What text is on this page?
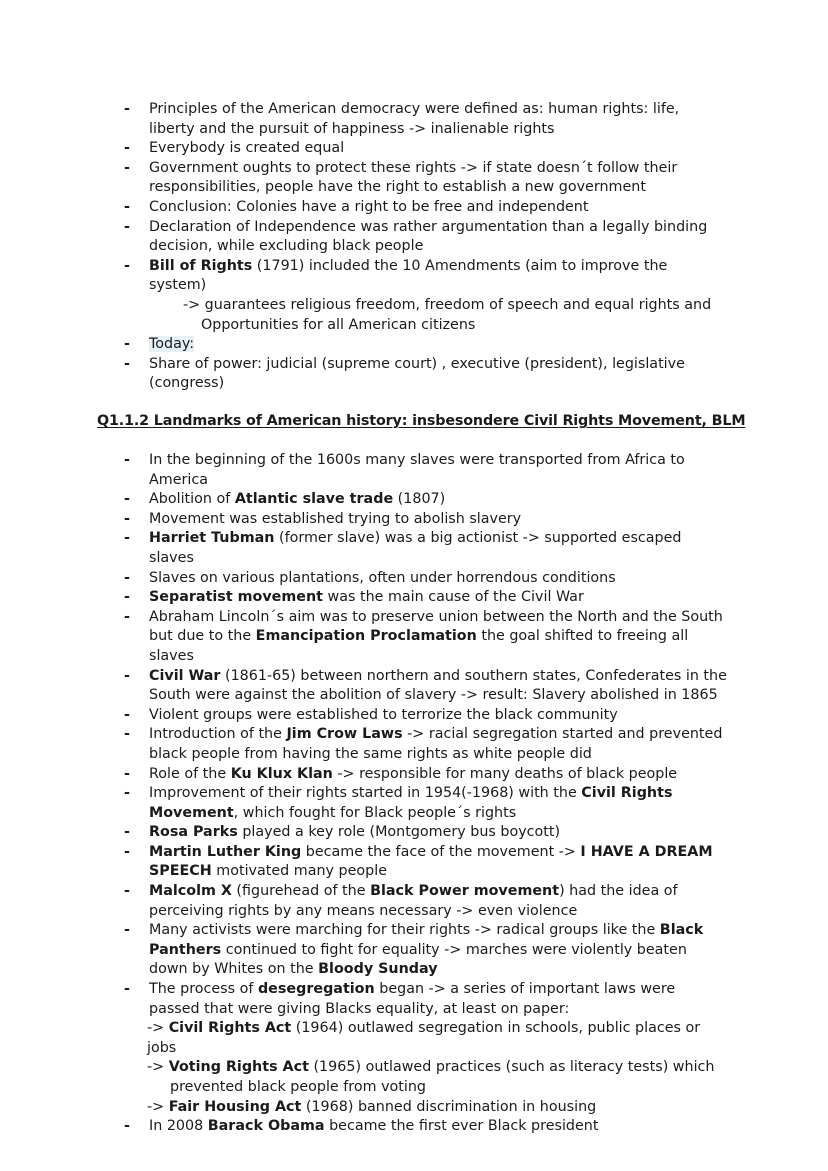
- Principles of the American democracy were defined as: human rights: life, liberty and the pursuit of happiness -> inalienable rights
- Everybody is created equal
- Government oughts to protect these rights -> if state doesn´t follow their responsibilities, people have the right to establish a new government
- Conclusion: Colonies have a right to be free and independent
- Declaration of Independence was rather argumentation than a legally binding decision, while excluding black people
- Bill of Rights (1791) included the 10 Amendments (aim to improve the system)
-> guarantees religious freedom, freedom of speech and equal rights and
Opportunities for all American citizens
- Today:
- Share of power: judicial (supreme court) , executive (president), legislative (congress)
Q1.1.2 Landmarks of American history: insbesondere Civil Rights Movement, BLM
- In the beginning of the 1600s many slaves were transported from Africa to America
- Abolition of Atlantic slave trade (1807)
- Movement was established trying to abolish slavery
- Harriet Tubman (former slave) was a big actionist -> supported escaped slaves
- Slaves on various plantations, often under horrendous conditions
- Separatist movement was the main cause of the Civil War
- Abraham Lincoln´s aim was to preserve union between the North and the South but due to the Emancipation Proclamation the goal shifted to freeing all slaves
- Civil War (1861-65) between northern and southern states, Confederates in the South were against the abolition of slavery -> result: Slavery abolished in 1865
- Violent groups were established to terrorize the black community
- Introduction of the Jim Crow Laws -> racial segregation started and prevented black people from having the same rights as white people did
- Role of the Ku Klux Klan -> responsible for many deaths of black people
- Improvement of their rights started in 1954(-1968) with the Civil Rights Movement, which fought for Black people´s rights
- Rosa Parks played a key role (Montgomery bus boycott)
- Martin Luther King became the face of the movement -> I HAVE A DREAM SPEECH motivated many people
- Malcolm X (figurehead of the Black Power movement) had the idea of perceiving rights by any means necessary -> even violence
- Many activists were marching for their rights -> radical groups like the Black Panthers continued to fight for equality -> marches were violently beaten down by Whites on the Bloody Sunday
- The process of desegregation began -> a series of important laws were passed that were giving Blacks equality, at least on paper:
-> Civil Rights Act (1964) outlawed segregation in schools, public places or jobs
-> Voting Rights Act (1965) outlawed practices (such as literacy tests) which prevented black people from voting
-> Fair Housing Act (1968) banned discrimination in housing
- In 2008 Barack Obama became the first ever Black president
